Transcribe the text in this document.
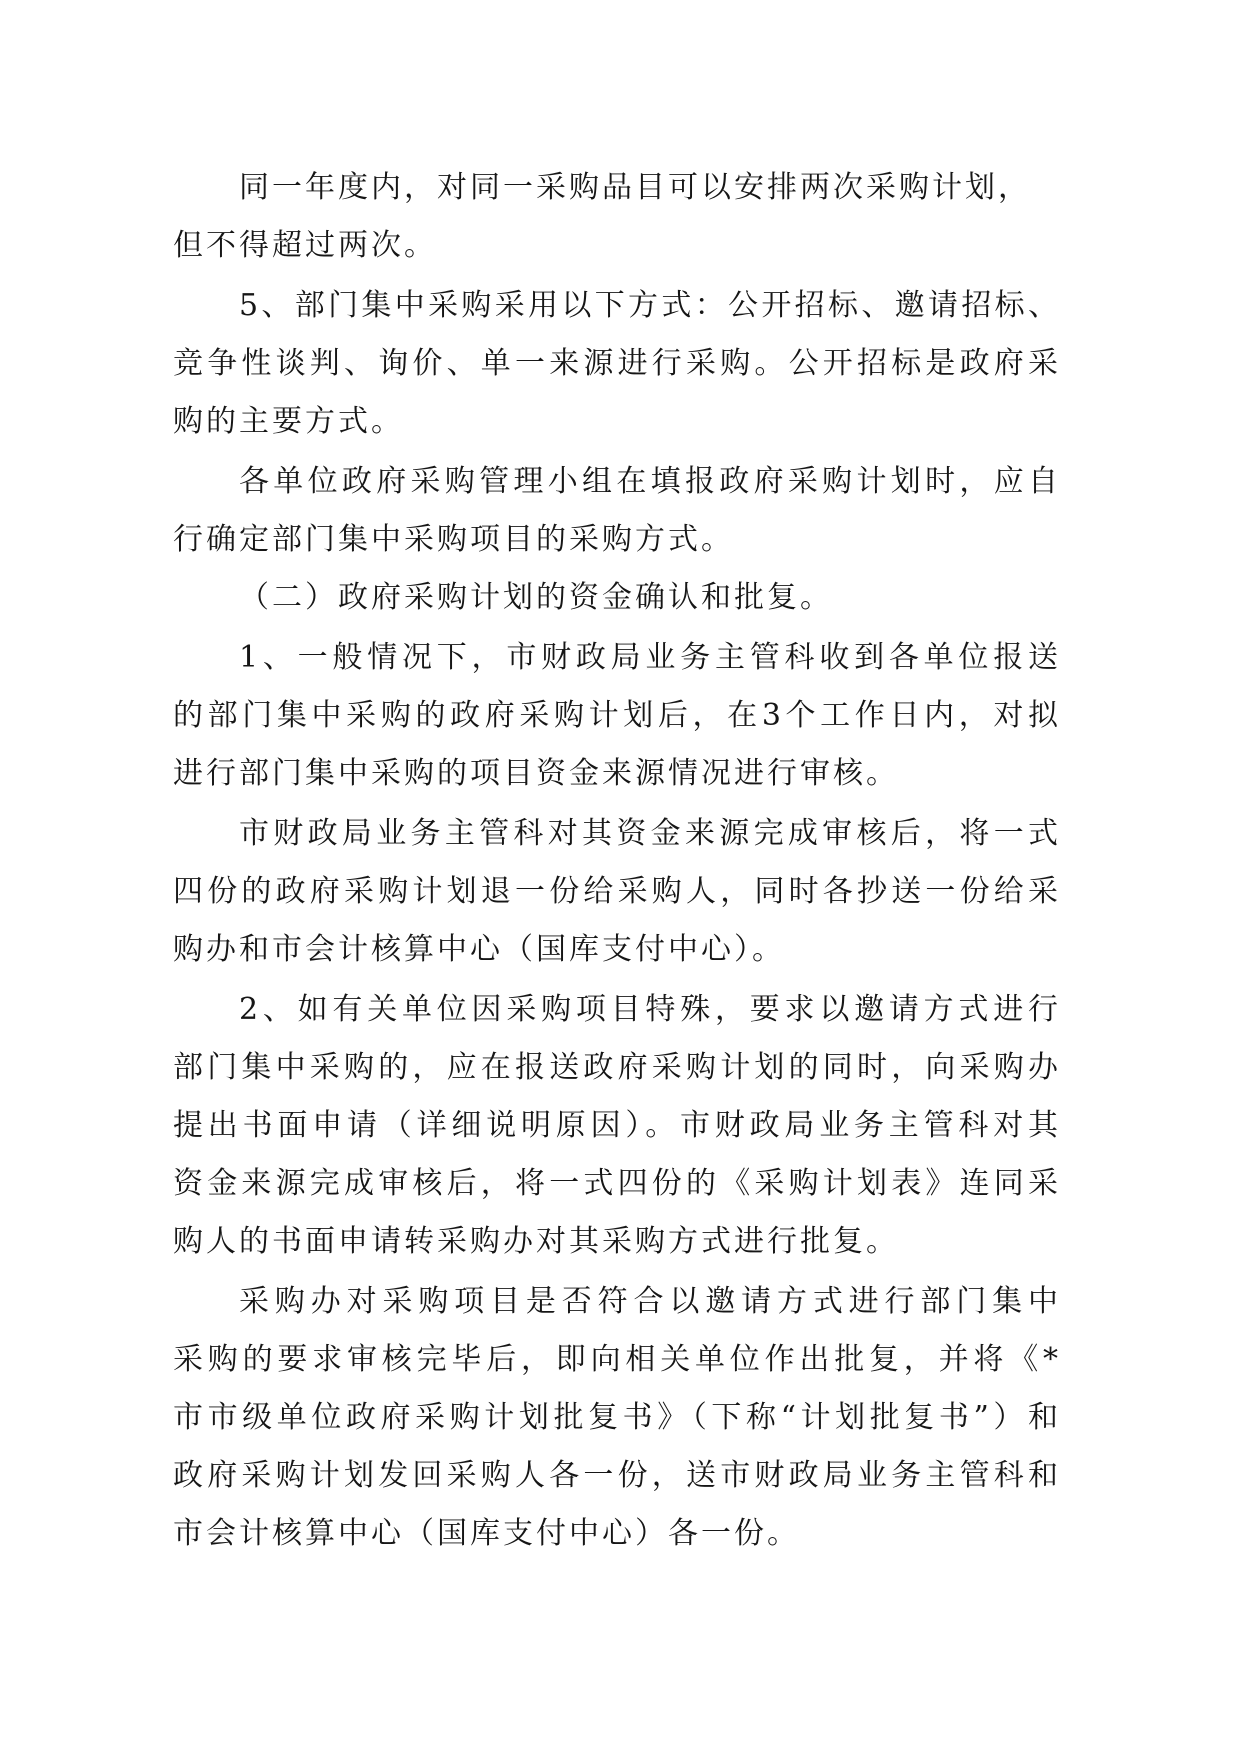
同一年度内，对同一采购品目可以安排两次采购计划，
但不得超过两次。
5、部门集中采购采用以下方式：公开招标、邀请招标、
竞争性谈判、询价、单一来源进行采购。公开招标是政府采
购的主要方式。
各单位政府采购管理小组在填报政府采购计划时，应自
行确定部门集中采购项目的采购方式。
（二）政府采购计划的资金确认和批复。
1、一般情况下，市财政局业务主管科收到各单位报送
的部门集中采购的政府采购计划后，在3个工作日内，对拟
进行部门集中采购的项目资金来源情况进行审核。
市财政局业务主管科对其资金来源完成审核后，将一式
四份的政府采购计划退一份给采购人，同时各抄送一份给采
购办和市会计核算中心（国库支付中心）。
2、如有关单位因采购项目特殊，要求以邀请方式进行
部门集中采购的，应在报送政府采购计划的同时，向采购办
提出书面申请（详细说明原因）。市财政局业务主管科对其
资金来源完成审核后，将一式四份的《采购计划表》连同采
购人的书面申请转采购办对其采购方式进行批复。
采购办对采购项目是否符合以邀请方式进行部门集中
采购的要求审核完毕后，即向相关单位作出批复，并将《*
市市级单位政府采购计划批复书》（下称“计划批复书”）和
政府采购计划发回采购人各一份，送市财政局业务主管科和
市会计核算中心（国库支付中心）各一份。
